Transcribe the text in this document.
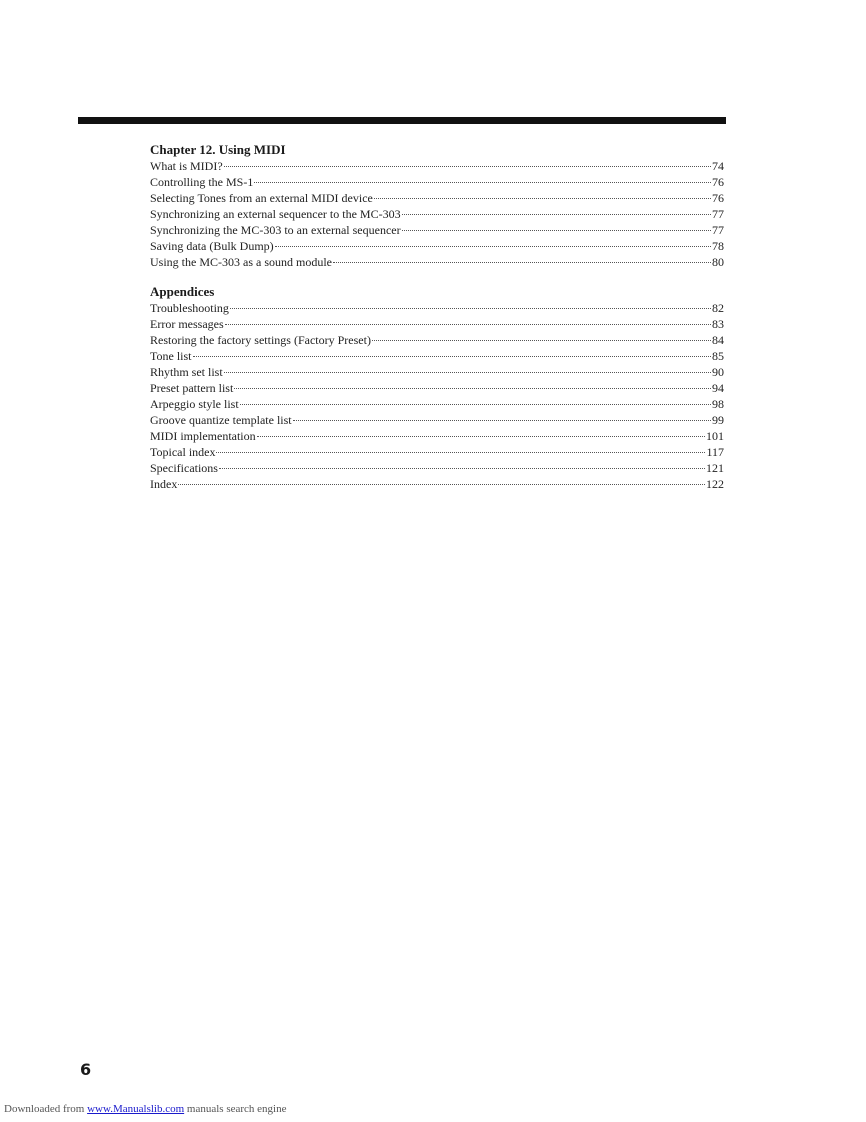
Chapter 12. Using MIDI
What is MIDI?	74
Controlling the MS-1	76
Selecting Tones from an external MIDI device	76
Synchronizing an external sequencer to the MC-303	77
Synchronizing the MC-303 to an external sequencer	77
Saving data (Bulk Dump)	78
Using the MC-303 as a sound module	80
Appendices
Troubleshooting	82
Error messages	83
Restoring the factory settings (Factory Preset)	84
Tone list	85
Rhythm set list	90
Preset pattern list	94
Arpeggio style list	98
Groove quantize template list	99
MIDI implementation	101
Topical index	117
Specifications	121
Index	122
6
Downloaded from www.Manualslib.com manuals search engine
